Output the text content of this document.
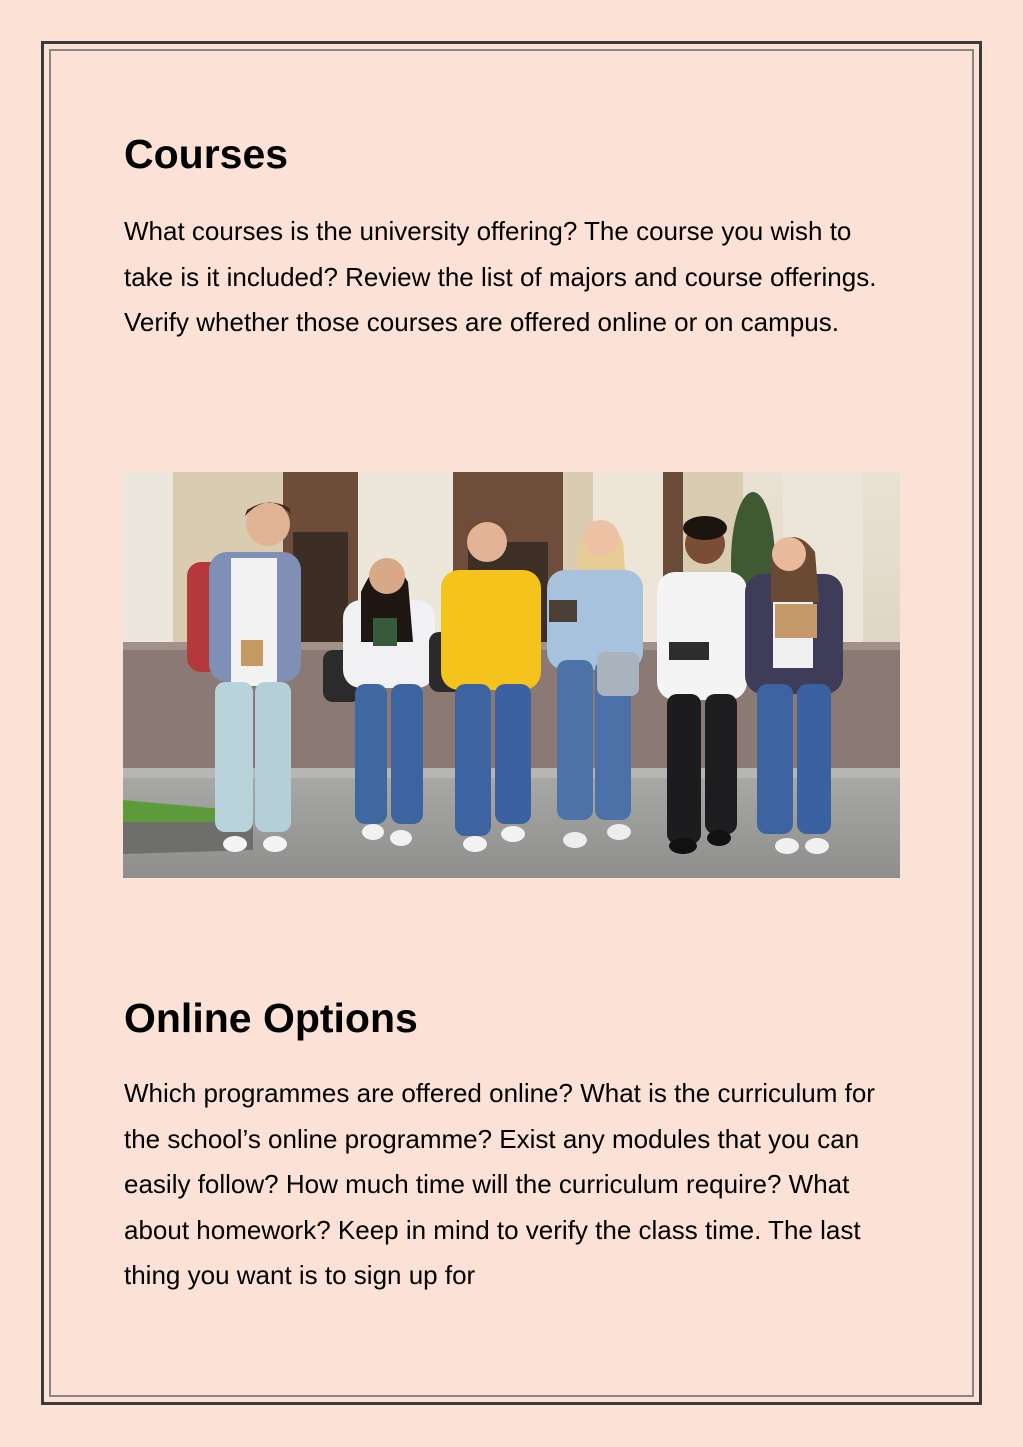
Courses

What courses is the university offering? The course you wish to take is it included? Review the list of majors and course offerings. Verify whether those courses are offered online or on campus.

Online Options

Which programmes are offered online? What is the curriculum for the school’s online programme? Exist any modules that you can easily follow? How much time will the curriculum require? What about homework? Keep in mind to verify the class time. The last thing you want is to sign up for
